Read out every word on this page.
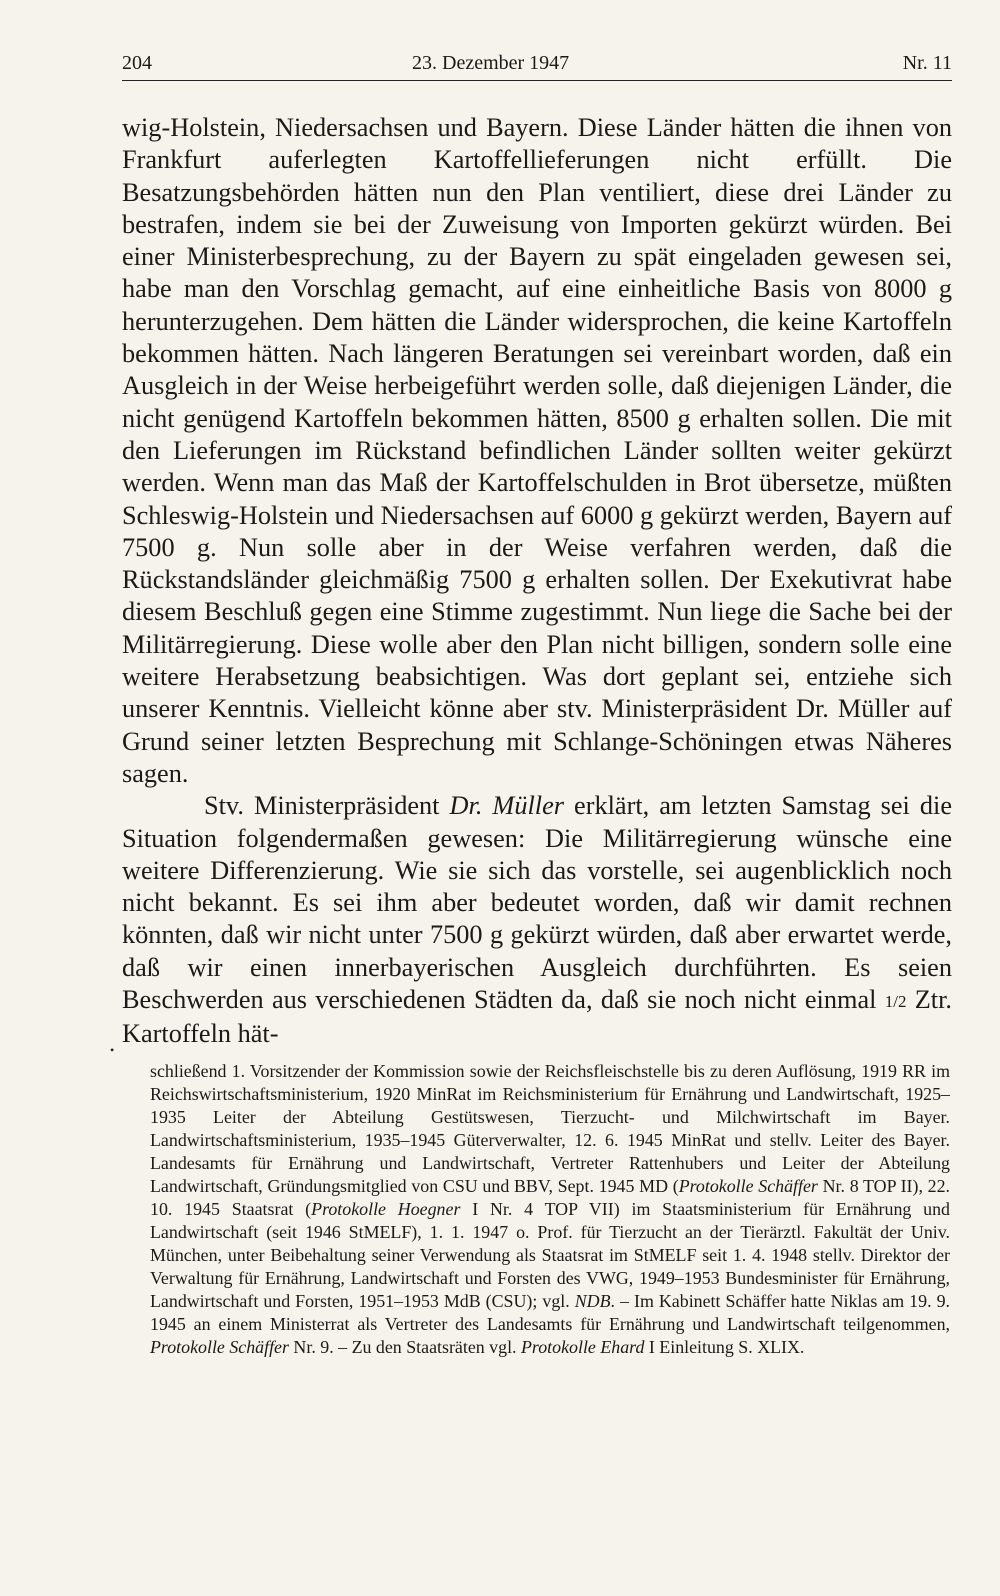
204	23. Dezember 1947	Nr. 11

wig-Holstein, Niedersachsen und Bayern. Diese Länder hätten die ihnen von Frankfurt auferlegten Kartoffellieferungen nicht erfüllt. Die Besatzungsbehörden hätten nun den Plan ventiliert, diese drei Länder zu bestrafen, indem sie bei der Zuweisung von Importen gekürzt würden. Bei einer Ministerbesprechung, zu der Bayern zu spät eingeladen gewesen sei, habe man den Vorschlag gemacht, auf eine einheitliche Basis von 8000 g herunterzugehen. Dem hätten die Länder widersprochen, die keine Kartoffeln bekommen hätten. Nach längeren Beratungen sei vereinbart worden, daß ein Ausgleich in der Weise herbeigeführt werden solle, daß diejenigen Länder, die nicht genügend Kartoffeln bekommen hätten, 8500 g erhalten sollen. Die mit den Lieferungen im Rückstand befindlichen Länder sollten weiter gekürzt werden. Wenn man das Maß der Kartoffelschulden in Brot übersetze, müßten Schleswig-Holstein und Niedersachsen auf 6000 g gekürzt werden, Bayern auf 7500 g. Nun solle aber in der Weise verfahren werden, daß die Rückstandsländer gleichmäßig 7500 g erhalten sollen. Der Exekutivrat habe diesem Beschluß gegen eine Stimme zugestimmt. Nun liege die Sache bei der Militärregierung. Diese wolle aber den Plan nicht billigen, sondern solle eine weitere Herabsetzung beabsichtigen. Was dort geplant sei, entziehe sich unserer Kenntnis. Vielleicht könne aber stv. Ministerpräsident Dr. Müller auf Grund seiner letzten Besprechung mit Schlange-Schöningen etwas Näheres sagen.

Stv. Ministerpräsident Dr. Müller erklärt, am letzten Samstag sei die Situation folgendermaßen gewesen: Die Militärregierung wünsche eine weitere Differenzierung. Wie sie sich das vorstelle, sei augenblicklich noch nicht bekannt. Es sei ihm aber bedeutet worden, daß wir damit rechnen könnten, daß wir nicht unter 7500 g gekürzt würden, daß aber erwartet werde, daß wir einen innerbayerischen Ausgleich durchführten. Es seien Beschwerden aus verschiedenen Städten da, daß sie noch nicht einmal 1/2 Ztr. Kartoffeln hät-

•

schließend 1. Vorsitzender der Kommission sowie der Reichsfleischstelle bis zu deren Auflösung, 1919 RR im Reichswirtschaftsministerium, 1920 MinRat im Reichsministerium für Ernährung und Landwirtschaft, 1925–1935 Leiter der Abteilung Gestütswesen, Tierzucht- und Milchwirtschaft im Bayer. Landwirtschaftsministerium, 1935–1945 Güterverwalter, 12. 6. 1945 MinRat und stellv. Leiter des Bayer. Landesamts für Ernährung und Landwirtschaft, Vertreter Rattenhubers und Leiter der Abteilung Landwirtschaft, Gründungsmitglied von CSU und BBV, Sept. 1945 MD (Protokolle Schäffer Nr. 8 TOP II), 22. 10. 1945 Staatsrat (Protokolle Hoegner I Nr. 4 TOP VII) im Staatsministerium für Ernährung und Landwirtschaft (seit 1946 StMELF), 1. 1. 1947 o. Prof. für Tierzucht an der Tierärztl. Fakultät der Univ. München, unter Beibehaltung seiner Verwendung als Staatsrat im StMELF seit 1. 4. 1948 stellv. Direktor der Verwaltung für Ernährung, Landwirtschaft und Forsten des VWG, 1949–1953 Bundesminister für Ernährung, Landwirtschaft und Forsten, 1951–1953 MdB (CSU); vgl. NDB. – Im Kabinett Schäffer hatte Niklas am 19. 9. 1945 an einem Ministerrat als Vertreter des Landesamts für Ernährung und Landwirtschaft teilgenommen, Protokolle Schäffer Nr. 9. – Zu den Staatsräten vgl. Protokolle Ehard I Einleitung S. XLIX.
